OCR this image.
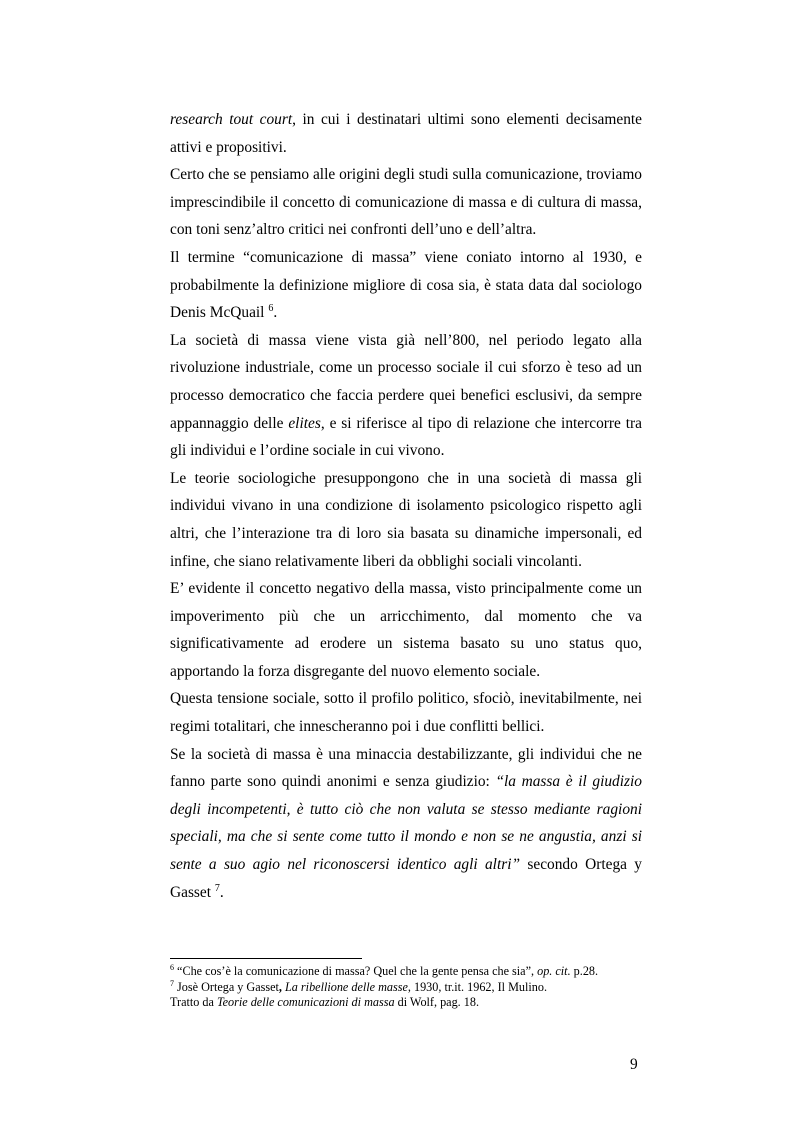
research tout court, in cui i destinatari ultimi sono elementi decisamente attivi e propositivi.

Certo che se pensiamo alle origini degli studi sulla comunicazione, troviamo imprescindibile il concetto di comunicazione di massa e di cultura di massa, con toni senz’altro critici nei confronti dell’uno e dell’altra.

Il termine “comunicazione di massa” viene coniato intorno al 1930, e probabilmente la definizione migliore di cosa sia, è stata data dal sociologo Denis McQuail $^6$.

La società di massa viene vista già nell’800, nel periodo legato alla rivoluzione industriale, come un processo sociale il cui sforzo è teso ad un processo democratico che faccia perdere quei benefici esclusivi, da sempre appannaggio delle elites, e si riferisce al tipo di relazione che intercorre tra gli individui e l’ordine sociale in cui vivono.

Le teorie sociologiche presuppongono che in una società di massa gli individui vivano in una condizione di isolamento psicologico rispetto agli altri, che l’interazione tra di loro sia basata su dinamiche impersonali, ed infine, che siano relativamente liberi da obblighi sociali vincolanti.

E’ evidente il concetto negativo della massa, visto principalmente come un impoverimento più che un arricchimento, dal momento che va significativamente ad erodere un sistema basato su uno status quo, apportando la forza disgregante del nuovo elemento sociale.

Questa tensione sociale, sotto il profilo politico, sfociò, inevitabilmente, nei regimi totalitari, che innescheranno poi i due conflitti bellici.

Se la società di massa è una minaccia destabilizzante, gli individui che ne fanno parte sono quindi anonimi e senza giudizio: “la massa è il giudizio degli incompetenti, è tutto ciò che non valuta se stesso mediante ragioni speciali, ma che si sente come tutto il mondo e non se ne angustia, anzi si sente a suo agio nel riconoscersi identico agli altri” secondo Ortega y Gasset $^7$.

$^6$ “Che cos’è la comunicazione di massa? Quel che la gente pensa che sia”, op. cit. p.28.

$^7$ Josè Ortega y Gasset, La ribellione delle masse, 1930, tr.it. 1962, Il Mulino.

Tratto da Teorie delle comunicazioni di massa di Wolf, pag. 18.

9
